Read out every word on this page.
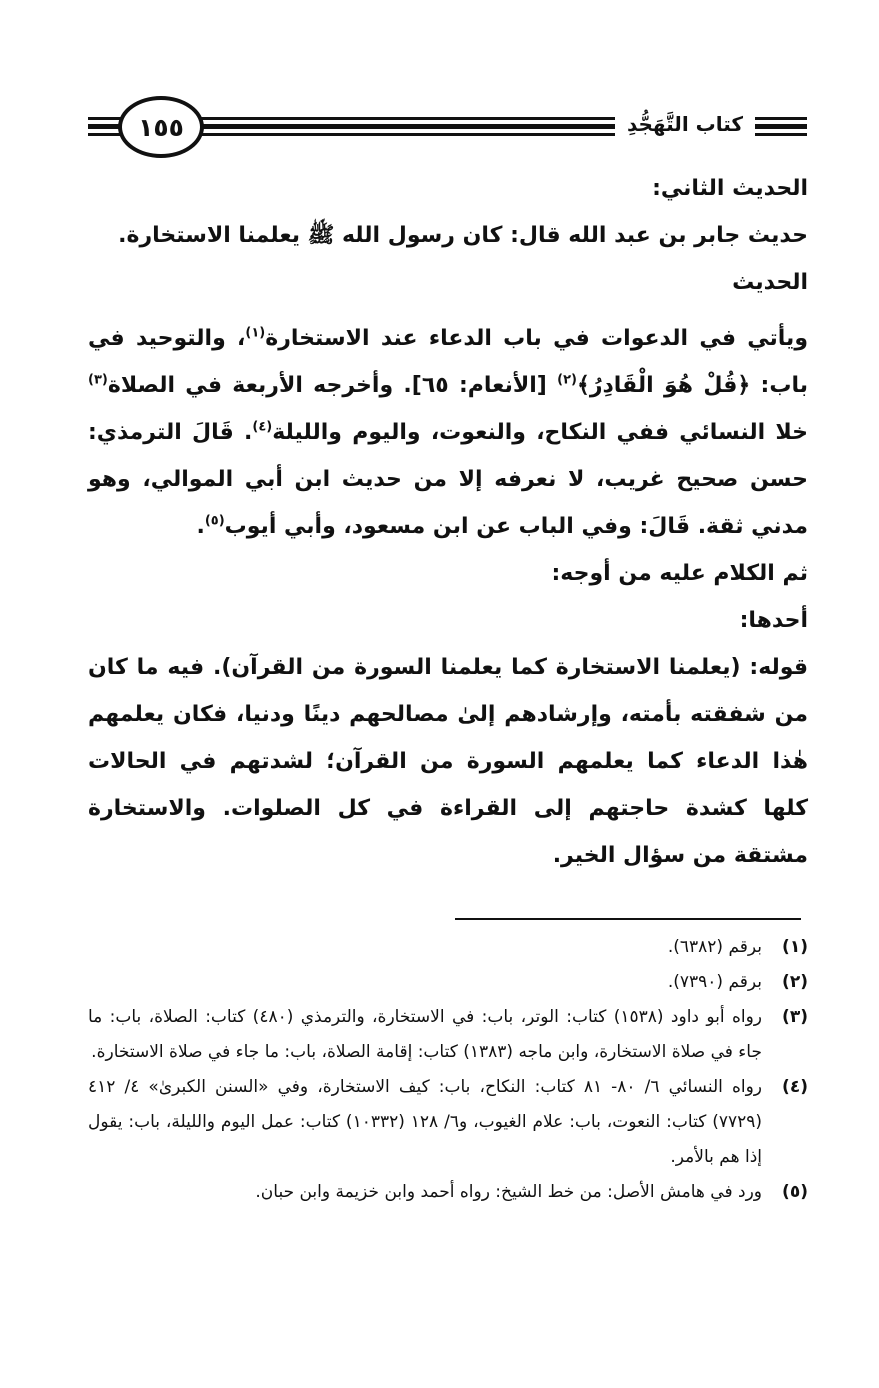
١٥٥	كتاب التَّهَجُّدِ

الحديث الثاني:

حديث جابر بن عبد الله قال: كان رسول الله ﷺ يعلمنا الاستخارة.

الحديث

ويأتي في الدعوات في باب الدعاء عند الاستخارة$^{(١)}$، والتوحيد في باب: ﴿قُلْ هُوَ الْقَادِرُ﴾$^{(٢)}$ [الأنعام: ٦٥]. وأخرجه الأربعة في الصلاة$^{(٣)}$ خلا النسائي ففي النكاح، والنعوت، واليوم والليلة$^{(٤)}$. قَالَ الترمذي: حسن صحيح غريب، لا نعرفه إلا من حديث ابن أبي الموالي، وهو مدني ثقة. قَالَ: وفي الباب عن ابن مسعود، وأبي أيوب$^{(٥)}$.

ثم الكلام عليه من أوجه:

أحدها:

قوله: (يعلمنا الاستخارة كما يعلمنا السورة من القرآن). فيه ما كان من شفقته بأمته، وإرشادهم إلىٰ مصالحهم دينًا ودنيا، فكان يعلمهم هٰذا الدعاء كما يعلمهم السورة من القرآن؛ لشدتهم في الحالات كلها كشدة حاجتهم إلى القراءة في كل الصلوات. والاستخارة مشتقة من سؤال الخير.

(١)
برقم (٦٣٨٢).
(٢)
برقم (٧٣٩٠).
(٣)
رواه أبو داود (١٥٣٨) كتاب: الوتر، باب: في الاستخارة، والترمذي (٤٨٠) كتاب: الصلاة، باب: ما جاء في صلاة الاستخارة، وابن ماجه (١٣٨٣) كتاب: إقامة الصلاة، باب: ما جاء في صلاة الاستخارة.
(٤)
رواه النسائي ٦/ ٨٠- ٨١ كتاب: النكاح، باب: كيف الاستخارة، وفي «السنن الكبرىٰ» ٤/ ٤١٢ (٧٧٢٩) كتاب: النعوت، باب: علام الغيوب، و٦/ ١٢٨ (١٠٣٣٢) كتاب: عمل اليوم والليلة، باب: يقول إذا هم بالأمر.
(٥)
ورد في هامش الأصل: من خط الشيخ: رواه أحمد وابن خزيمة وابن حبان.
